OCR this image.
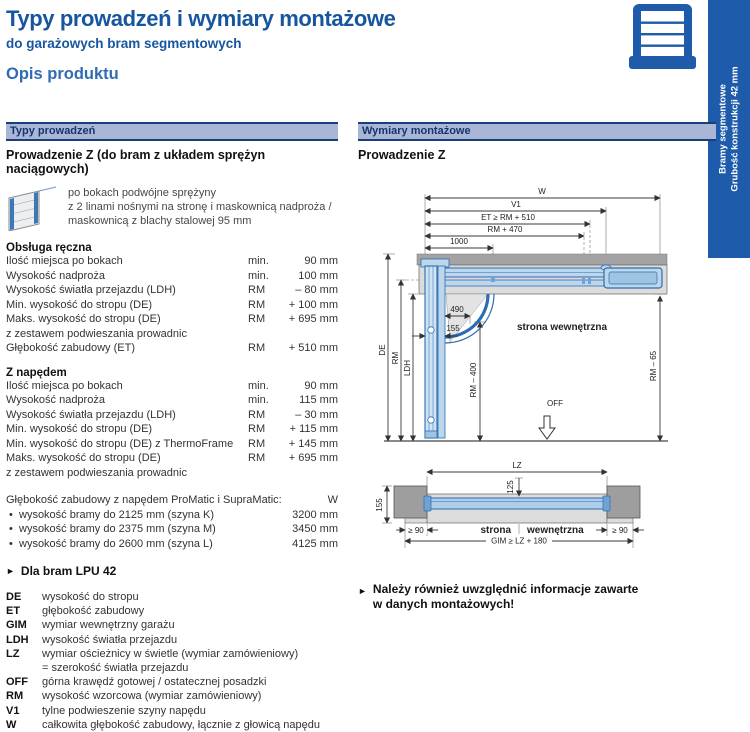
Typy prowadzeń i wymiary montażowe
do garażowych bram segmentowych
Opis produktu
Bramy segmentowe Grubość konstrukcji 42 mm
Typy prowadzeń
Prowadzenie Z (do bram z układem sprężyn naciągowych)
po bokach podwójne sprężyny
z 2 linami nośnymi na stronę i maskownicą nadproża /
maskownicą z blachy stalowej 95 mm
Obsługa ręczna
Ilość miejsca po bokach	min.	90 mm
Wysokość nadproża	min.	100 mm
Wysokość światła przejazdu (LDH)	RM	– 80 mm
Min. wysokość do stropu (DE)	RM	+ 100 mm
Maks. wysokość do stropu (DE)	RM	+ 695 mm
z zestawem podwieszania prowadnic
Głębokość zabudowy (ET)	RM	+ 510 mm
Z napędem
Ilość miejsca po bokach	min.	90 mm
Wysokość nadproża	min.	115 mm
Wysokość światła przejazdu (LDH)	RM	– 30 mm
Min. wysokość do stropu (DE)	RM	+ 115 mm
Min. wysokość do stropu (DE) z ThermoFrame	RM	+ 145 mm
Maks. wysokość do stropu (DE)	RM	+ 695 mm
z zestawem podwieszania prowadnic
Głębokość zabudowy z napędem ProMatic i SupraMatic:	W
• wysokość bramy do 2125 mm (szyna K)	3200 mm
• wysokość bramy do 2375 mm (szyna M)	3450 mm
• wysokość bramy do 2600 mm (szyna L)	4125 mm
► Dla bram LPU 42
DE	wysokość do stropu
ET	głębokość zabudowy
GIM	wymiar wewnętrzny garażu
LDH	wysokość światła przejazdu
LZ	wymiar ościeżnicy w świetle (wymiar zamówieniowy)
= szerokość światła przejazdu
OFF	górna krawędź gotowej / ostatecznej posadzki
RM	wysokość wzorcowa (wymiar zamówieniowy)
V1	tylne podwieszenie szyny napędu
W	całkowita głębokość zabudowy, łącznie z głowicą napędu
Wymiary montażowe
Prowadzenie Z
W
V1
ET ≥ RM + 510
RM + 470
1000
490
155
DE
RM
LDH	RM – 400	RM – 65
strona wewnętrzna
OFF
LZ
125
155
≥ 90	≥ 90
strona wewnętrzna
GIM ≥ LZ + 180
► Należy również uwzględnić informacje zawarte
w danych montażowych!
